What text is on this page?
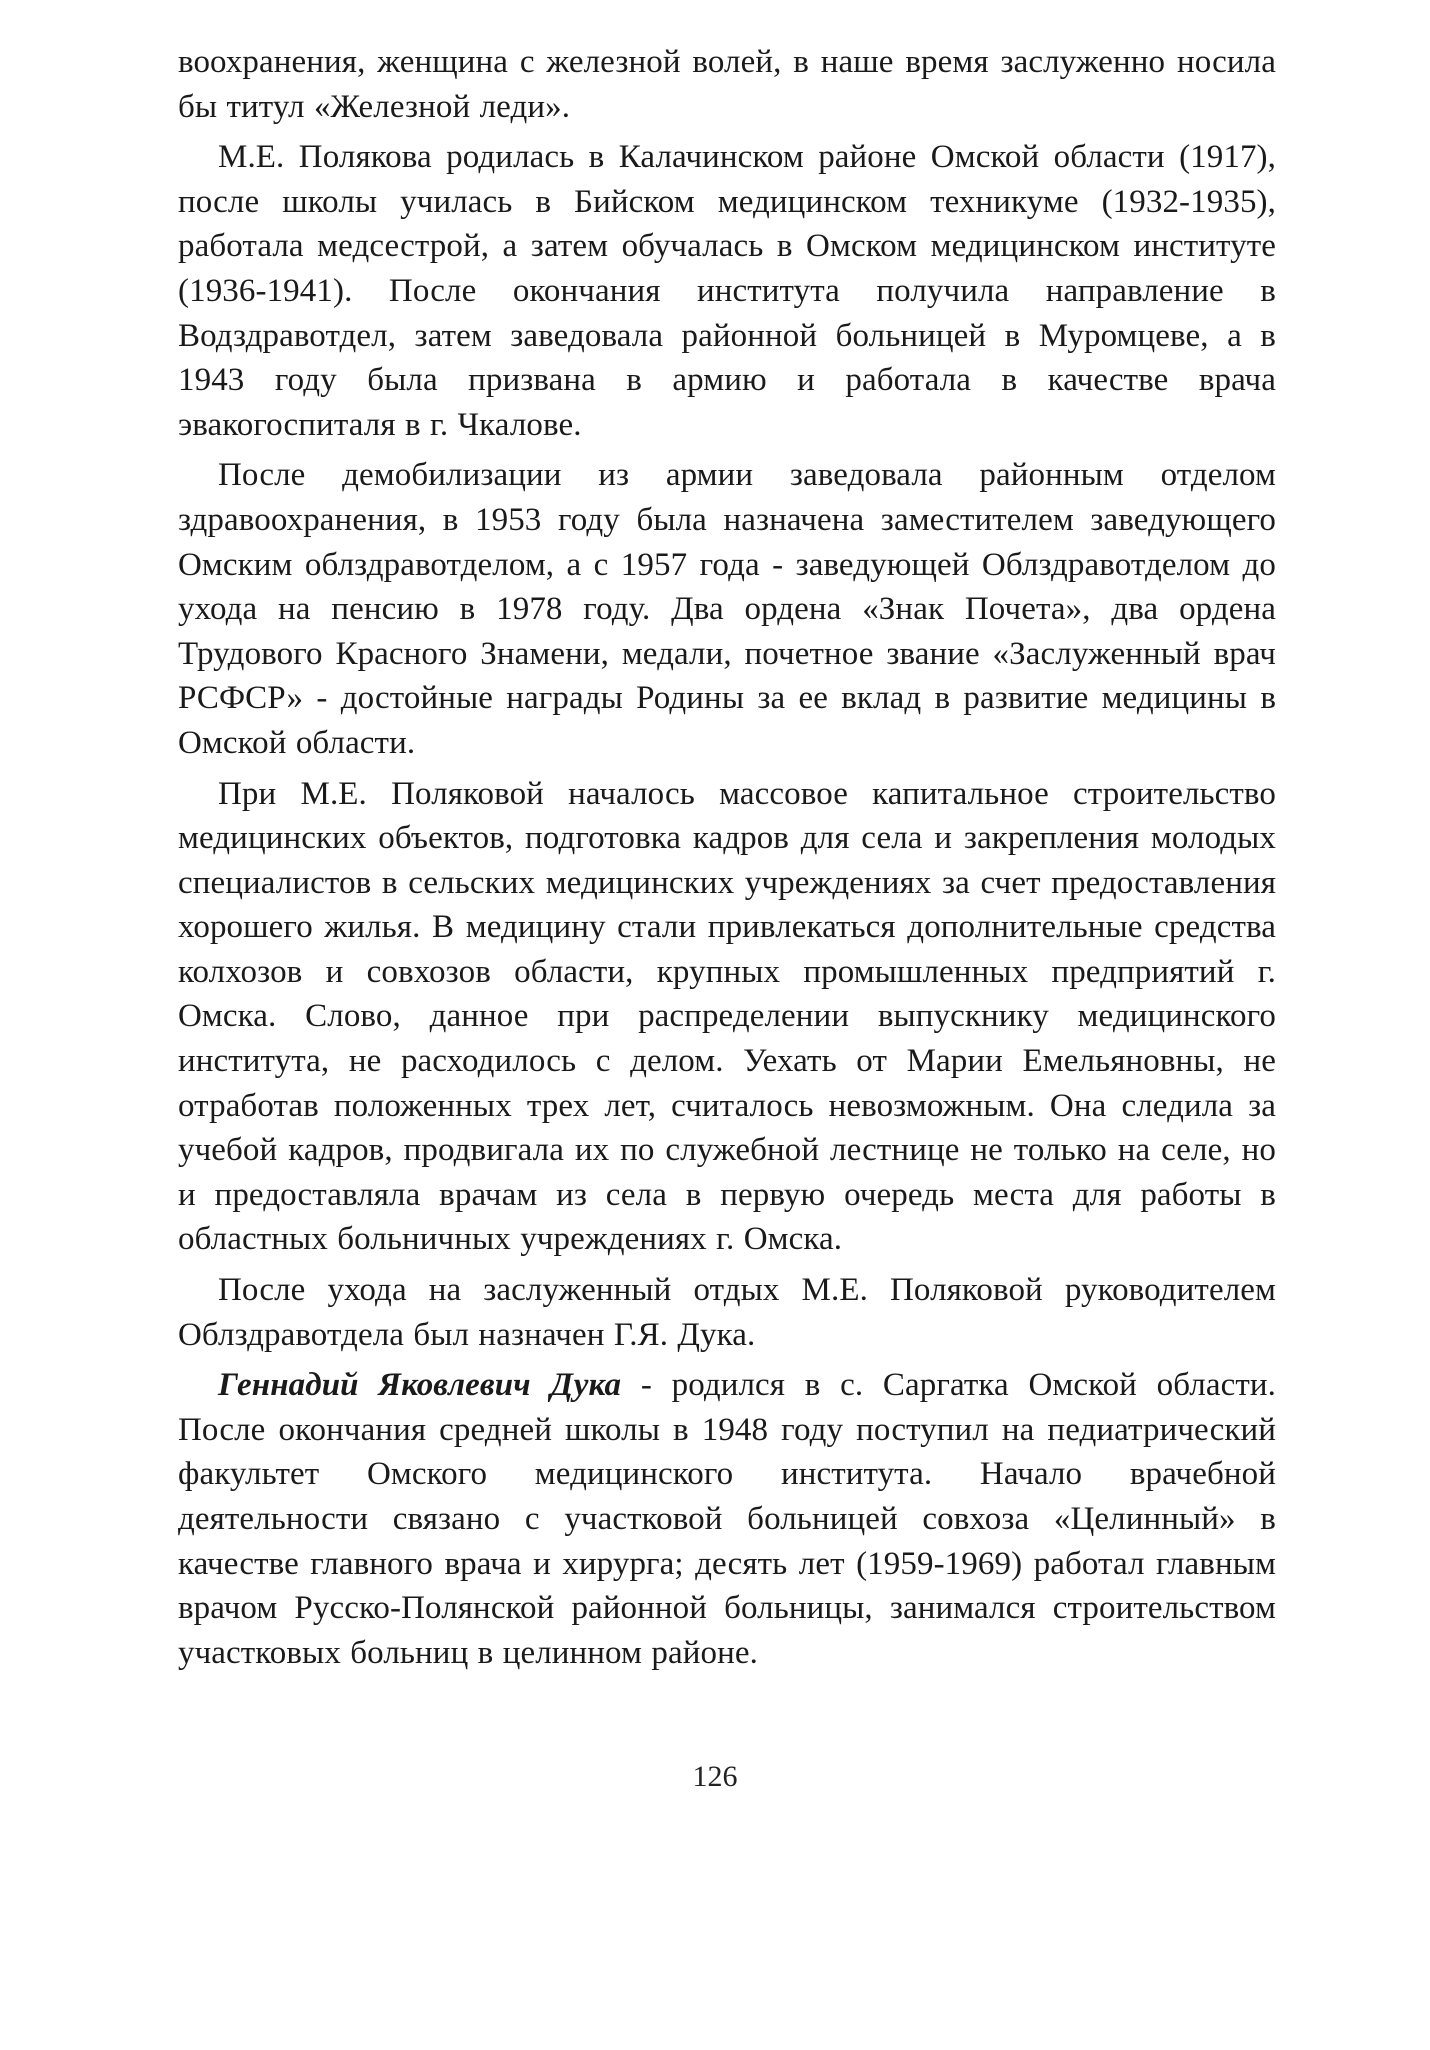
воохранения, женщина с железной волей, в наше время заслуженно носила бы титул «Железной леди».

М.Е. Полякова родилась в Калачинском районе Омской области (1917), после школы училась в Бийском медицинском техникуме (1932-1935), работала медсестрой, а затем обучалась в Омском медицинском институте (1936-1941). После окончания института получила направление в Водздравотдел, затем заведовала районной больницей в Муромцеве, а в 1943 году была призвана в армию и работала в качестве врача эвакогоспиталя в г. Чкалове.

После демобилизации из армии заведовала районным отделом здравоохранения, в 1953 году была назначена заместителем заведующего Омским облздравотделом, а с 1957 года - заведующей Облздравотделом до ухода на пенсию в 1978 году. Два ордена «Знак Почета», два ордена Трудового Красного Знамени, медали, почетное звание «Заслуженный врач РСФСР» - достойные награды Родины за ее вклад в развитие медицины в Омской области.

При М.Е. Поляковой началось массовое капитальное строительство медицинских объектов, подготовка кадров для села и закрепления молодых специалистов в сельских медицинских учреждениях за счет предоставления хорошего жилья. В медицину стали привлекаться дополнительные средства колхозов и совхозов области, крупных промышленных предприятий г. Омска. Слово, данное при распределении выпускнику медицинского института, не расходилось с делом. Уехать от Марии Емельяновны, не отработав положенных трех лет, считалось невозможным. Она следила за учебой кадров, продвигала их по служебной лестнице не только на селе, но и предоставляла врачам из села в первую очередь места для работы в областных больничных учреждениях г. Омска.

После ухода на заслуженный отдых М.Е. Поляковой руководителем Облздравотдела был назначен Г.Я. Дука.

Геннадий Яковлевич Дука - родился в с. Саргатка Омской области. После окончания средней школы в 1948 году поступил на педиатрический факультет Омского медицинского института. Начало врачебной деятельности связано с участковой больницей совхоза «Целинный» в качестве главного врача и хирурга; десять лет (1959-1969) работал главным врачом Русско-Полянской районной больницы, занимался строительством участковых больниц в целинном районе.

126
